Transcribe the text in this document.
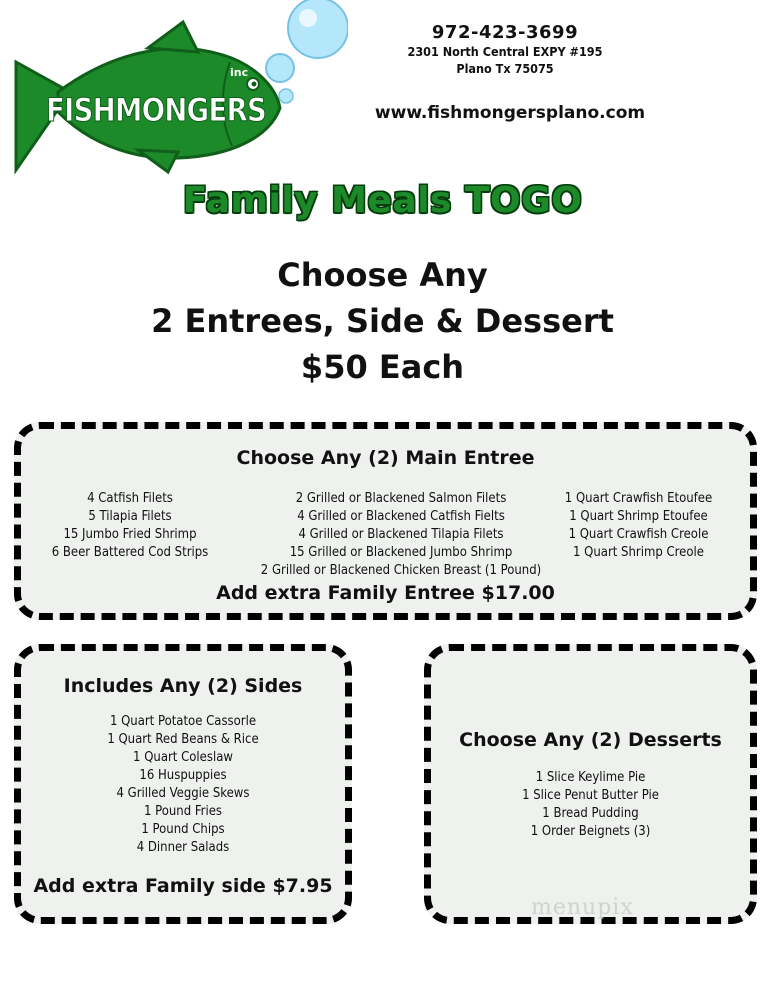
FISHMONGERS
inc
972-423-3699
2301 North Central EXPY #195
Plano Tx 75075
www.fishmongersplano.com
Family Meals TOGO
Choose Any
2 Entrees, Side & Dessert
$50 Each
Choose Any (2) Main Entree
4 Catfish Filets
5 Tilapia Filets
15 Jumbo Fried Shrimp
6 Beer Battered Cod Strips
2 Grilled or Blackened Salmon Filets
4 Grilled or Blackened Catfish Fielts
4 Grilled or Blackened Tilapia Filets
15 Grilled or Blackened Jumbo Shrimp
2 Grilled or Blackened Chicken Breast (1 Pound)
1 Quart Crawfish Etoufee
1 Quart Shrimp Etoufee
1 Quart Crawfish Creole
1 Quart Shrimp Creole
Add extra Family Entree $17.00
Includes Any (2) Sides
1 Quart Potatoe Cassorle
1 Quart Red Beans & Rice
1 Quart Coleslaw
16 Huspuppies
4 Grilled Veggie Skews
1 Pound Fries
1 Pound Chips
4 Dinner Salads
Add extra Family side $7.95
Choose Any (2) Desserts
1 Slice Keylime Pie
1 Slice Penut Butter Pie
1 Bread Pudding
1 Order Beignets (3)
menupix
